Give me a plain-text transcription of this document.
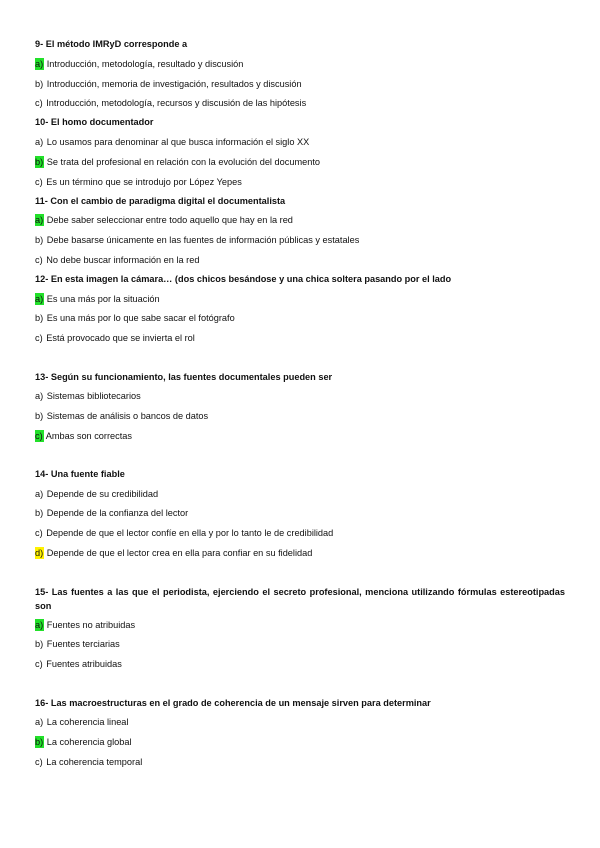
9- El método IMRyD corresponde a
a) Introducción, metodología, resultado y discusión
b) Introducción, memoria de investigación, resultados y discusión
c) Introducción, metodología, recursos y discusión de las hipótesis
10- El homo documentador
a) Lo usamos para denominar al que busca información el siglo XX
b) Se trata del profesional en relación con la evolución del documento
c) Es un término que se introdujo por López Yepes
11- Con el cambio de paradigma digital el documentalista
a) Debe saber seleccionar entre todo aquello que hay en la red
b) Debe basarse únicamente en las fuentes de información públicas y estatales
c) No debe buscar información en la red
12- En esta imagen la cámara… (dos chicos besándose y una chica soltera pasando por el lado
a) Es una más por la situación
b) Es una más por lo que sabe sacar el fotógrafo
c) Está provocado que se invierta el rol
13- Según su funcionamiento, las fuentes documentales pueden ser
a) Sistemas bibliotecarios
b) Sistemas de análisis o bancos de datos
c) Ambas son correctas
14- Una fuente fiable
a) Depende de su credibilidad
b) Depende de la confianza del lector
c) Depende de que el lector confíe en ella y por lo tanto le de credibilidad
d) Depende de que el lector crea en ella para confiar en su fidelidad
15- Las fuentes a las que el periodista, ejerciendo el secreto profesional, menciona utilizando fórmulas estereotipadas son
a) Fuentes no atribuidas
b) Fuentes terciarias
c) Fuentes atribuidas
16- Las macroestructuras en el grado de coherencia de un mensaje sirven para determinar
a) La coherencia lineal
b) La coherencia global
c) La coherencia temporal
